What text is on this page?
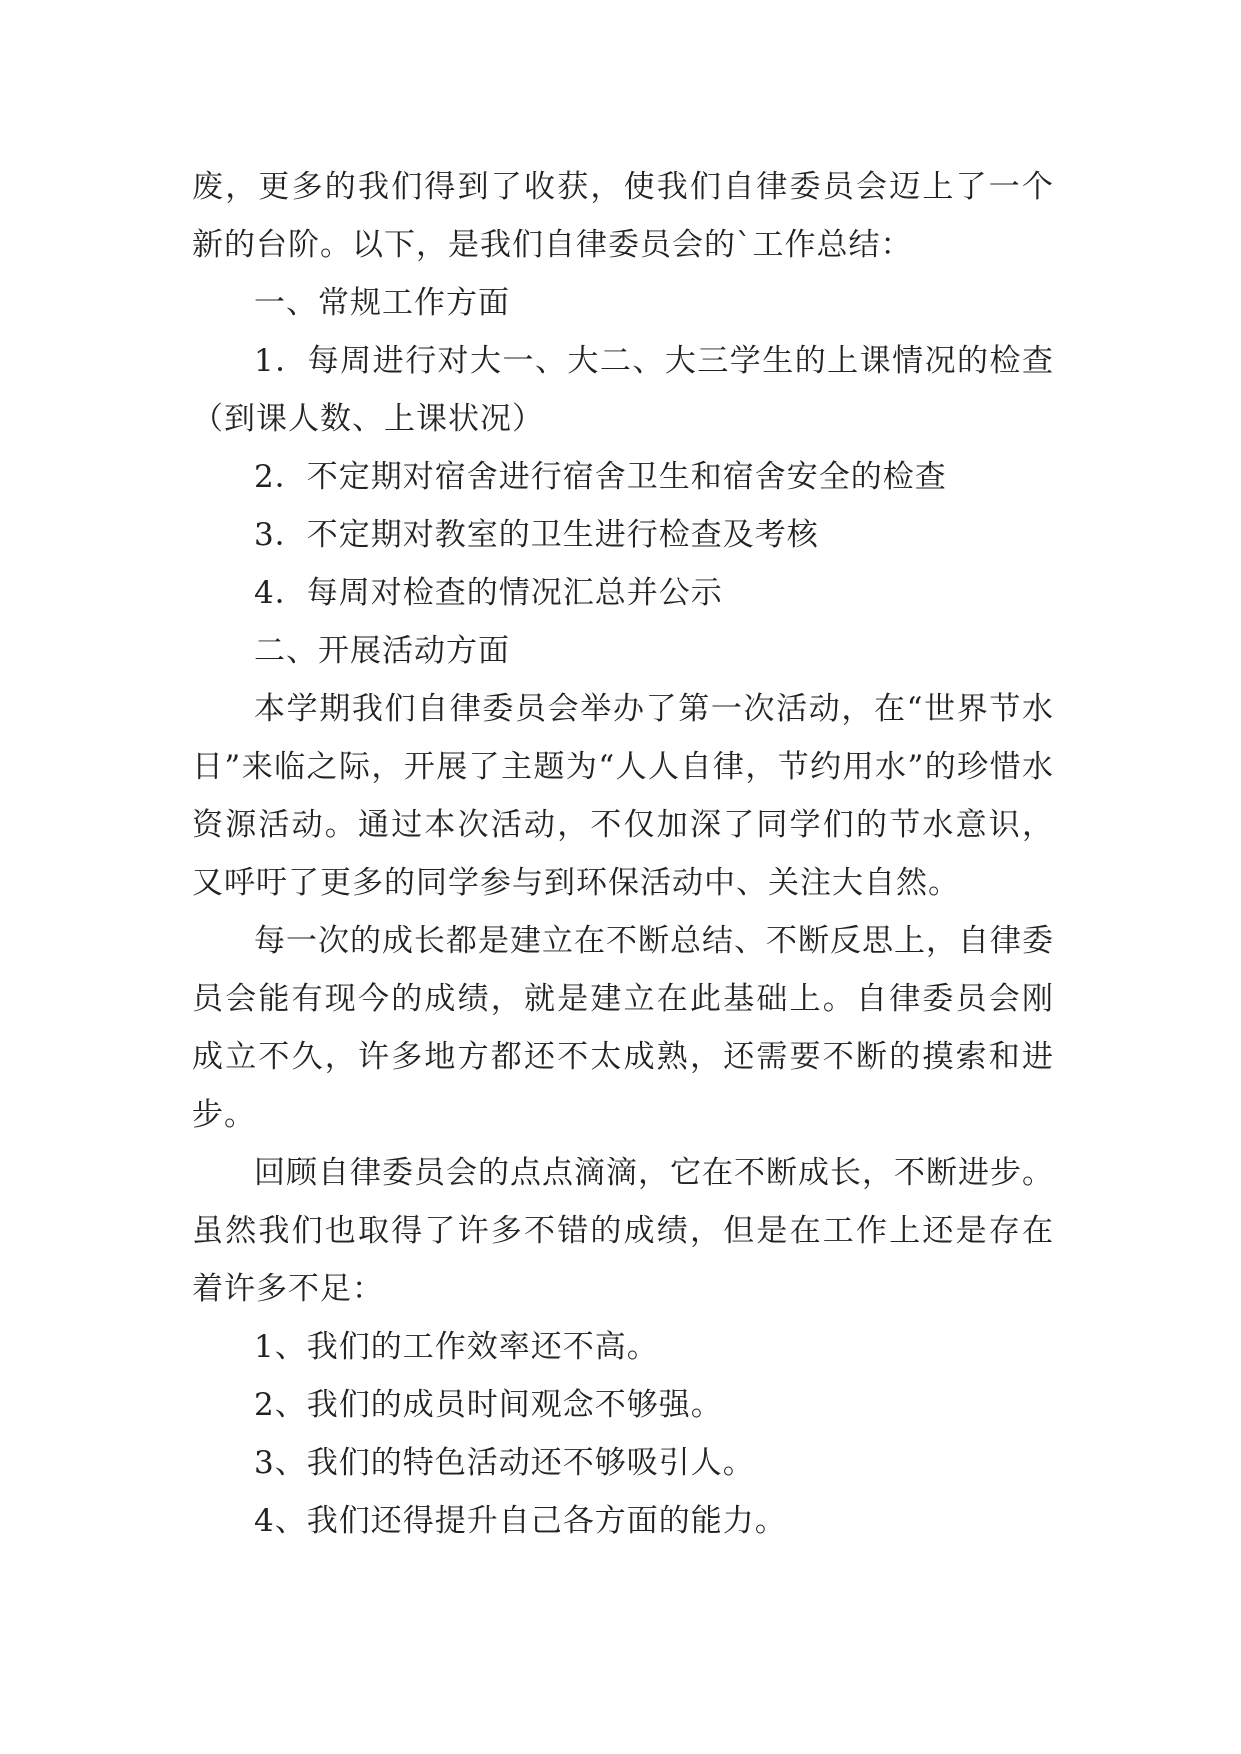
废，更多的我们得到了收获，使我们自律委员会迈上了一个新的台阶。以下，是我们自律委员会的`工作总结：

一、常规工作方面

1．每周进行对大一、大二、大三学生的上课情况的检查（到课人数、上课状况）

2．不定期对宿舍进行宿舍卫生和宿舍安全的检查

3．不定期对教室的卫生进行检查及考核

4．每周对检查的情况汇总并公示

二、开展活动方面

本学期我们自律委员会举办了第一次活动，在“世界节水日”来临之际，开展了主题为“人人自律，节约用水”的珍惜水资源活动。通过本次活动，不仅加深了同学们的节水意识，又呼吁了更多的同学参与到环保活动中、关注大自然。

每一次的成长都是建立在不断总结、不断反思上，自律委员会能有现今的成绩，就是建立在此基础上。自律委员会刚成立不久，许多地方都还不太成熟，还需要不断的摸索和进步。

回顾自律委员会的点点滴滴，它在不断成长，不断进步。虽然我们也取得了许多不错的成绩，但是在工作上还是存在着许多不足：

1、我们的工作效率还不高。

2、我们的成员时间观念不够强。

3、我们的特色活动还不够吸引人。

4、我们还得提升自己各方面的能力。
